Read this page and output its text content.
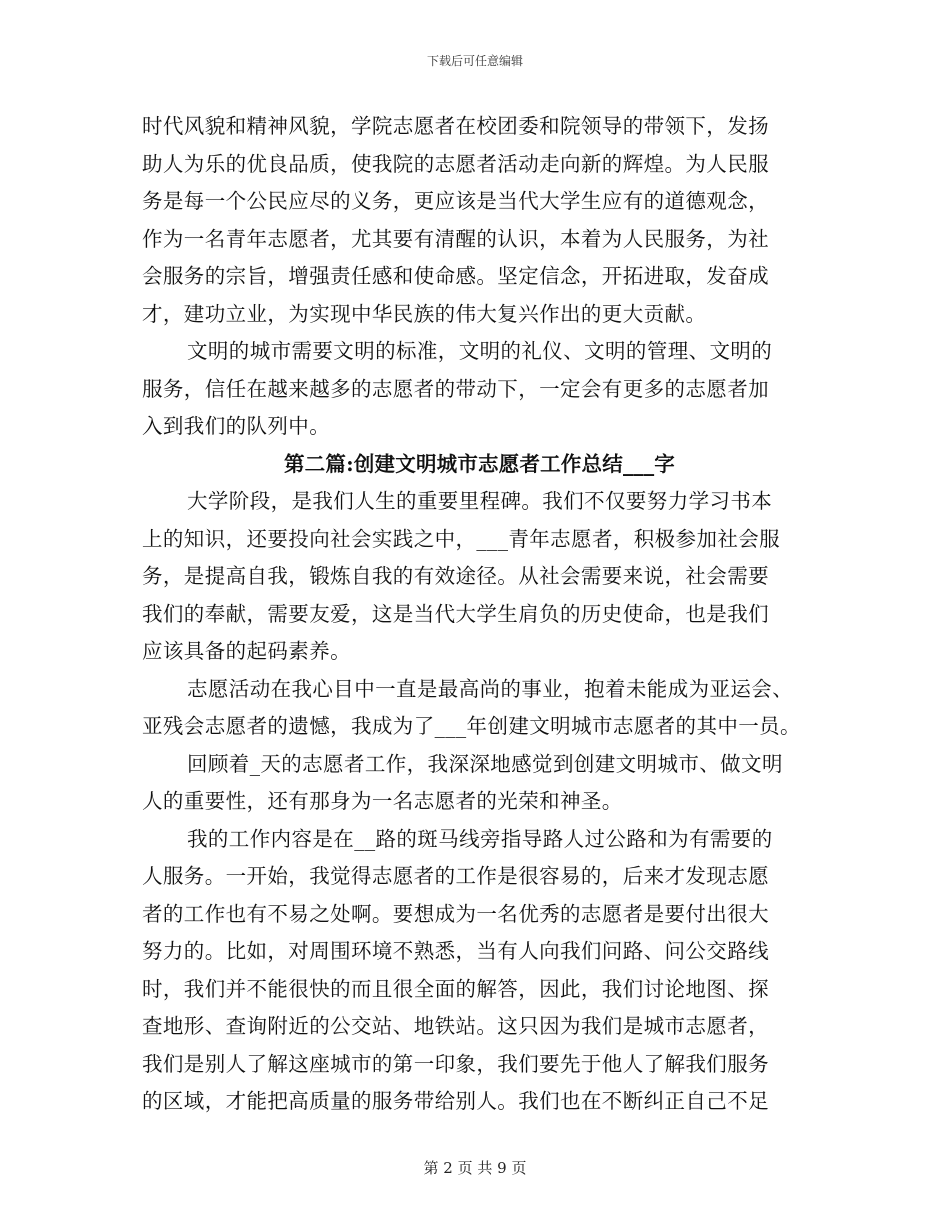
下载后可任意编辑
时代风貌和精神风貌，学院志愿者在校团委和院领导的带领下，发扬
助人为乐的优良品质，使我院的志愿者活动走向新的辉煌。为人民服
务是每一个公民应尽的义务，更应该是当代大学生应有的道德观念，
作为一名青年志愿者，尤其要有清醒的认识，本着为人民服务，为社
会服务的宗旨，增强责任感和使命感。坚定信念，开拓进取，发奋成
才，建功立业，为实现中华民族的伟大复兴作出的更大贡献。
文明的城市需要文明的标准，文明的礼仪、文明的管理、文明的
服务，信任在越来越多的志愿者的带动下，一定会有更多的志愿者加
入到我们的队列中。
第二篇:创建文明城市志愿者工作总结___字
大学阶段，是我们人生的重要里程碑。我们不仅要努力学习书本
上的知识，还要投向社会实践之中，___青年志愿者，积极参加社会服
务，是提高自我，锻炼自我的有效途径。从社会需要来说，社会需要
我们的奉献，需要友爱，这是当代大学生肩负的历史使命，也是我们
应该具备的起码素养。
志愿活动在我心目中一直是最高尚的事业，抱着未能成为亚运会、
亚残会志愿者的遗憾，我成为了___年创建文明城市志愿者的其中一员。
回顾着_天的志愿者工作，我深深地感觉到创建文明城市、做文明
人的重要性，还有那身为一名志愿者的光荣和神圣。
我的工作内容是在__路的斑马线旁指导路人过公路和为有需要的
人服务。一开始，我觉得志愿者的工作是很容易的，后来才发现志愿
者的工作也有不易之处啊。要想成为一名优秀的志愿者是要付出很大
努力的。比如，对周围环境不熟悉，当有人向我们问路、问公交路线
时，我们并不能很快的而且很全面的解答，因此，我们讨论地图、探
查地形、查询附近的公交站、地铁站。这只因为我们是城市志愿者，
我们是别人了解这座城市的第一印象，我们要先于他人了解我们服务
的区域，才能把高质量的服务带给别人。我们也在不断纠正自己不足
第 2 页 共 9 页
